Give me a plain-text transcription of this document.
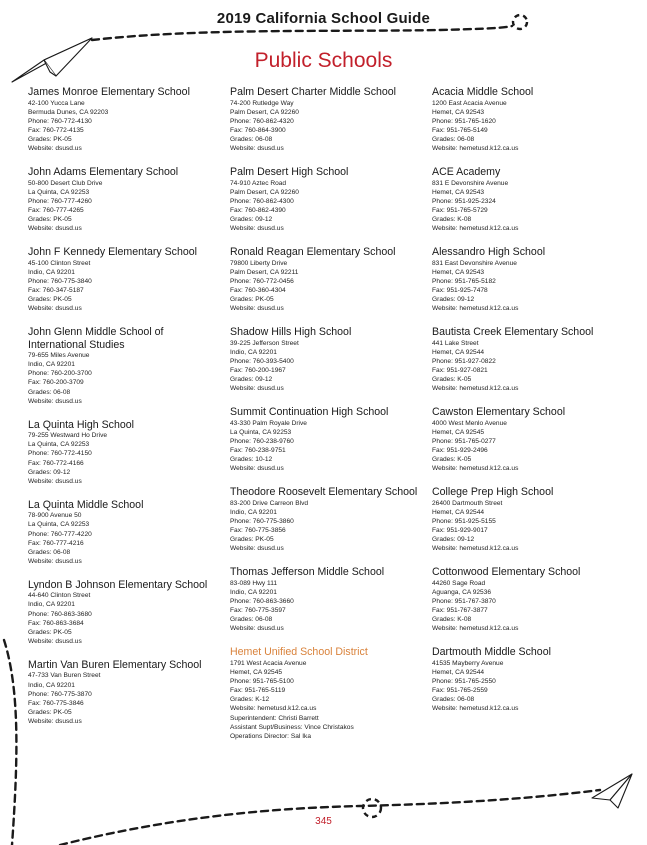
2019 California School Guide
Public Schools
James Monroe Elementary School
42-100 Yucca Lane
Bermuda Dunes, CA 92203
Phone: 760-772-4130
Fax: 760-772-4135
Grades: PK-05
Website: dsusd.us
John Adams Elementary School
50-800 Desert Club Drive
La Quinta, CA 92253
Phone: 760-777-4260
Fax: 760-777-4265
Grades: PK-05
Website: dsusd.us
John F Kennedy Elementary School
45-100 Clinton Street
Indio, CA 92201
Phone: 760-775-3840
Fax: 760-347-5187
Grades: PK-05
Website: dsusd.us
John Glenn Middle School of International Studies
79-655 Miles Avenue
Indio, CA 92201
Phone: 760-200-3700
Fax: 760-200-3709
Grades: 06-08
Website: dsusd.us
La Quinta High School
79-255 Westward Ho Drive
La Quinta, CA 92253
Phone: 760-772-4150
Fax: 760-772-4166
Grades: 09-12
Website: dsusd.us
La Quinta Middle School
78-900 Avenue 50
La Quinta, CA 92253
Phone: 760-777-4220
Fax: 760-777-4216
Grades: 06-08
Website: dsusd.us
Lyndon B Johnson Elementary School
44-640 Clinton Street
Indio, CA 92201
Phone: 760-863-3680
Fax: 760-863-3684
Grades: PK-05
Website: dsusd.us
Martin Van Buren Elementary School
47-733 Van Buren Street
Indio, CA 92201
Phone: 760-775-3870
Fax: 760-775-3846
Grades: PK-05
Website: dsusd.us
Palm Desert Charter Middle School
74-200 Rutledge Way
Palm Desert, CA 92260
Phone: 760-862-4320
Fax: 760-864-3900
Grades: 06-08
Website: dsusd.us
Palm Desert High School
74-910 Aztec Road
Palm Desert, CA 92260
Phone: 760-862-4300
Fax: 760-862-4390
Grades: 09-12
Website: dsusd.us
Ronald Reagan Elementary School
79800 Liberty Drive
Palm Desert, CA 92211
Phone: 760-772-0456
Fax: 760-360-4304
Grades: PK-05
Website: dsusd.us
Shadow Hills High School
39-225 Jefferson Street
Indio, CA 92201
Phone: 760-393-5400
Fax: 760-200-1967
Grades: 09-12
Website: dsusd.us
Summit Continuation High School
43-330 Palm Royale Drive
La Quinta, CA 92253
Phone: 760-238-9760
Fax: 760-238-9751
Grades: 10-12
Website: dsusd.us
Theodore Roosevelt Elementary School
83-200 Drive Carreon Blvd
Indio, CA 92201
Phone: 760-775-3860
Fax: 760-775-3856
Grades: PK-05
Website: dsusd.us
Thomas Jefferson Middle School
83-089 Hwy 111
Indio, CA 92201
Phone: 760-863-3660
Fax: 760-775-3597
Grades: 06-08
Website: dsusd.us
Hemet Unified School District
1791 West Acacia Avenue
Hemet, CA 92545
Phone: 951-765-5100
Fax: 951-765-5119
Grades: K-12
Website: hemetusd.k12.ca.us
Superintendent: Christi Barrett
Assistant Supt/Business: Vince Christakos
Operations Director: Sal Ika
Acacia Middle School
1200 East Acacia Avenue
Hemet, CA 92543
Phone: 951-765-1620
Fax: 951-765-5149
Grades: 06-08
Website: hemetusd.k12.ca.us
ACE Academy
831 E Devonshire Avenue
Hemet, CA 92543
Phone: 951-925-2324
Fax: 951-765-5729
Grades: K-08
Website: hemetusd.k12.ca.us
Alessandro High School
831 East Devonshire Avenue
Hemet, CA 92543
Phone: 951-765-5182
Fax: 951-925-7478
Grades: 09-12
Website: hemetusd.k12.ca.us
Bautista Creek Elementary School
441 Lake Street
Hemet, CA 92544
Phone: 951-927-0822
Fax: 951-927-0821
Grades: K-05
Website: hemetusd.k12.ca.us
Cawston Elementary School
4000 West Menlo Avenue
Hemet, CA 92545
Phone: 951-765-0277
Fax: 951-929-2496
Grades: K-05
Website: hemetusd.k12.ca.us
College Prep High School
26400 Dartmouth Street
Hemet, CA 92544
Phone: 951-925-5155
Fax: 951-929-9017
Grades: 09-12
Website: hemetusd.k12.ca.us
Cottonwood Elementary School
44260 Sage Road
Aguanga, CA 92536
Phone: 951-767-3870
Fax: 951-767-3877
Grades: K-08
Website: hemetusd.k12.ca.us
Dartmouth Middle School
41535 Mayberry Avenue
Hemet, CA 92544
Phone: 951-765-2550
Fax: 951-765-2559
Grades: 06-08
Website: hemetusd.k12.ca.us
345
